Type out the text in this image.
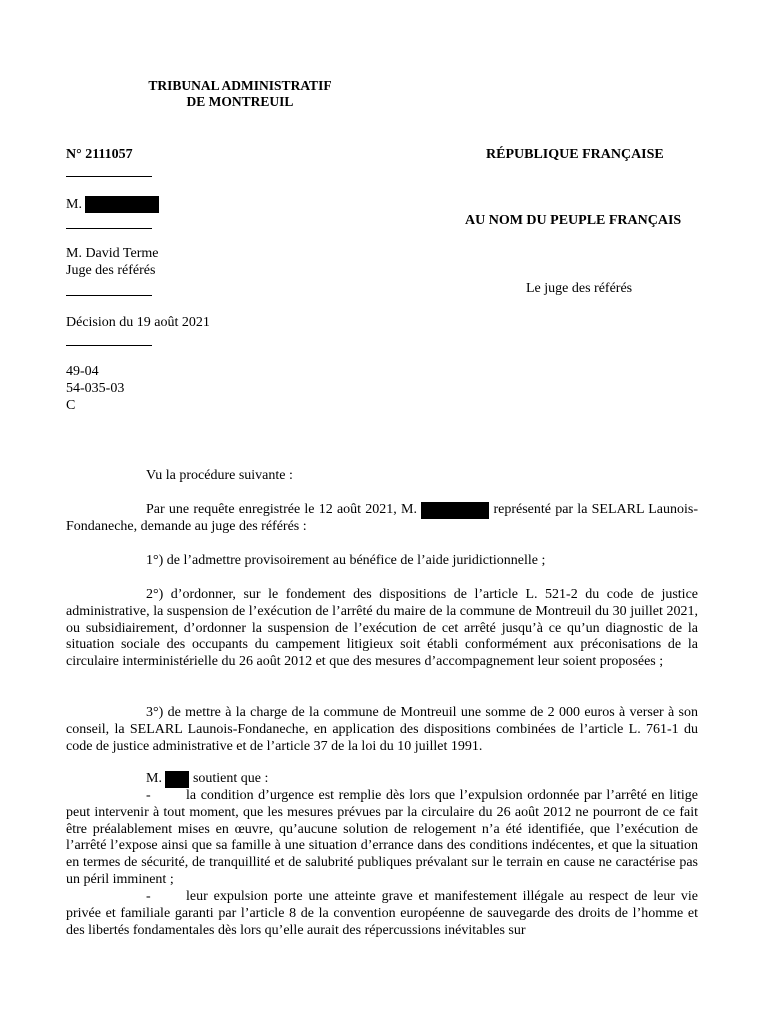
TRIBUNAL ADMINISTRATIF
DE MONTREUIL
N° 2111057
M.
M. David Terme
Juge des référés
Décision du 19 août 2021
49-04
54-035-03
C
RÉPUBLIQUE FRANÇAISE
AU NOM DU PEUPLE FRANÇAIS
Le juge des référés

Vu la procédure suivante :

Par une requête enregistrée le 12 août 2021, M.	représenté par la SELARL Launois-Fondaneche, demande au juge des référés :

1°) de l’admettre provisoirement au bénéfice de l’aide juridictionnelle ;

2°) d’ordonner, sur le fondement des dispositions de l’article L. 521-2 du code de justice administrative, la suspension de l’exécution de l’arrêté du maire de la commune de Montreuil du 30 juillet 2021, ou subsidiairement, d’ordonner la suspension de l’exécution de cet arrêté jusqu’à ce qu’un diagnostic de la situation sociale des occupants du campement litigieux soit établi conformément aux préconisations de la circulaire interministérielle du 26 août 2012 et que des mesures d’accompagnement leur soient proposées ;

3°) de mettre à la charge de la commune de Montreuil une somme de 2 000 euros à verser à son conseil, la SELARL Launois-Fondaneche, en application des dispositions combinées de l’article L. 761-1 du code de justice administrative et de l’article 37 de la loi du 10 juillet 1991.

M. soutient que :

-	la condition d’urgence est remplie dès lors que l’expulsion ordonnée par l’arrêté en litige peut intervenir à tout moment, que les mesures prévues par la circulaire du 26 août 2012 ne pourront de ce fait être préalablement mises en œuvre, qu’aucune solution de relogement n’a été identifiée, que l’exécution de l’arrêté l’expose ainsi que sa famille à une situation d’errance dans des conditions indécentes, et que la situation en termes de sécurité, de tranquillité et de salubrité publiques prévalant sur le terrain en cause ne caractérise pas un péril imminent ;

-	leur expulsion porte une atteinte grave et manifestement illégale au respect de leur vie privée et familiale garanti par l’article 8 de la convention européenne de sauvegarde des droits de l’homme et des libertés fondamentales dès lors qu’elle aurait des répercussions inévitables sur
